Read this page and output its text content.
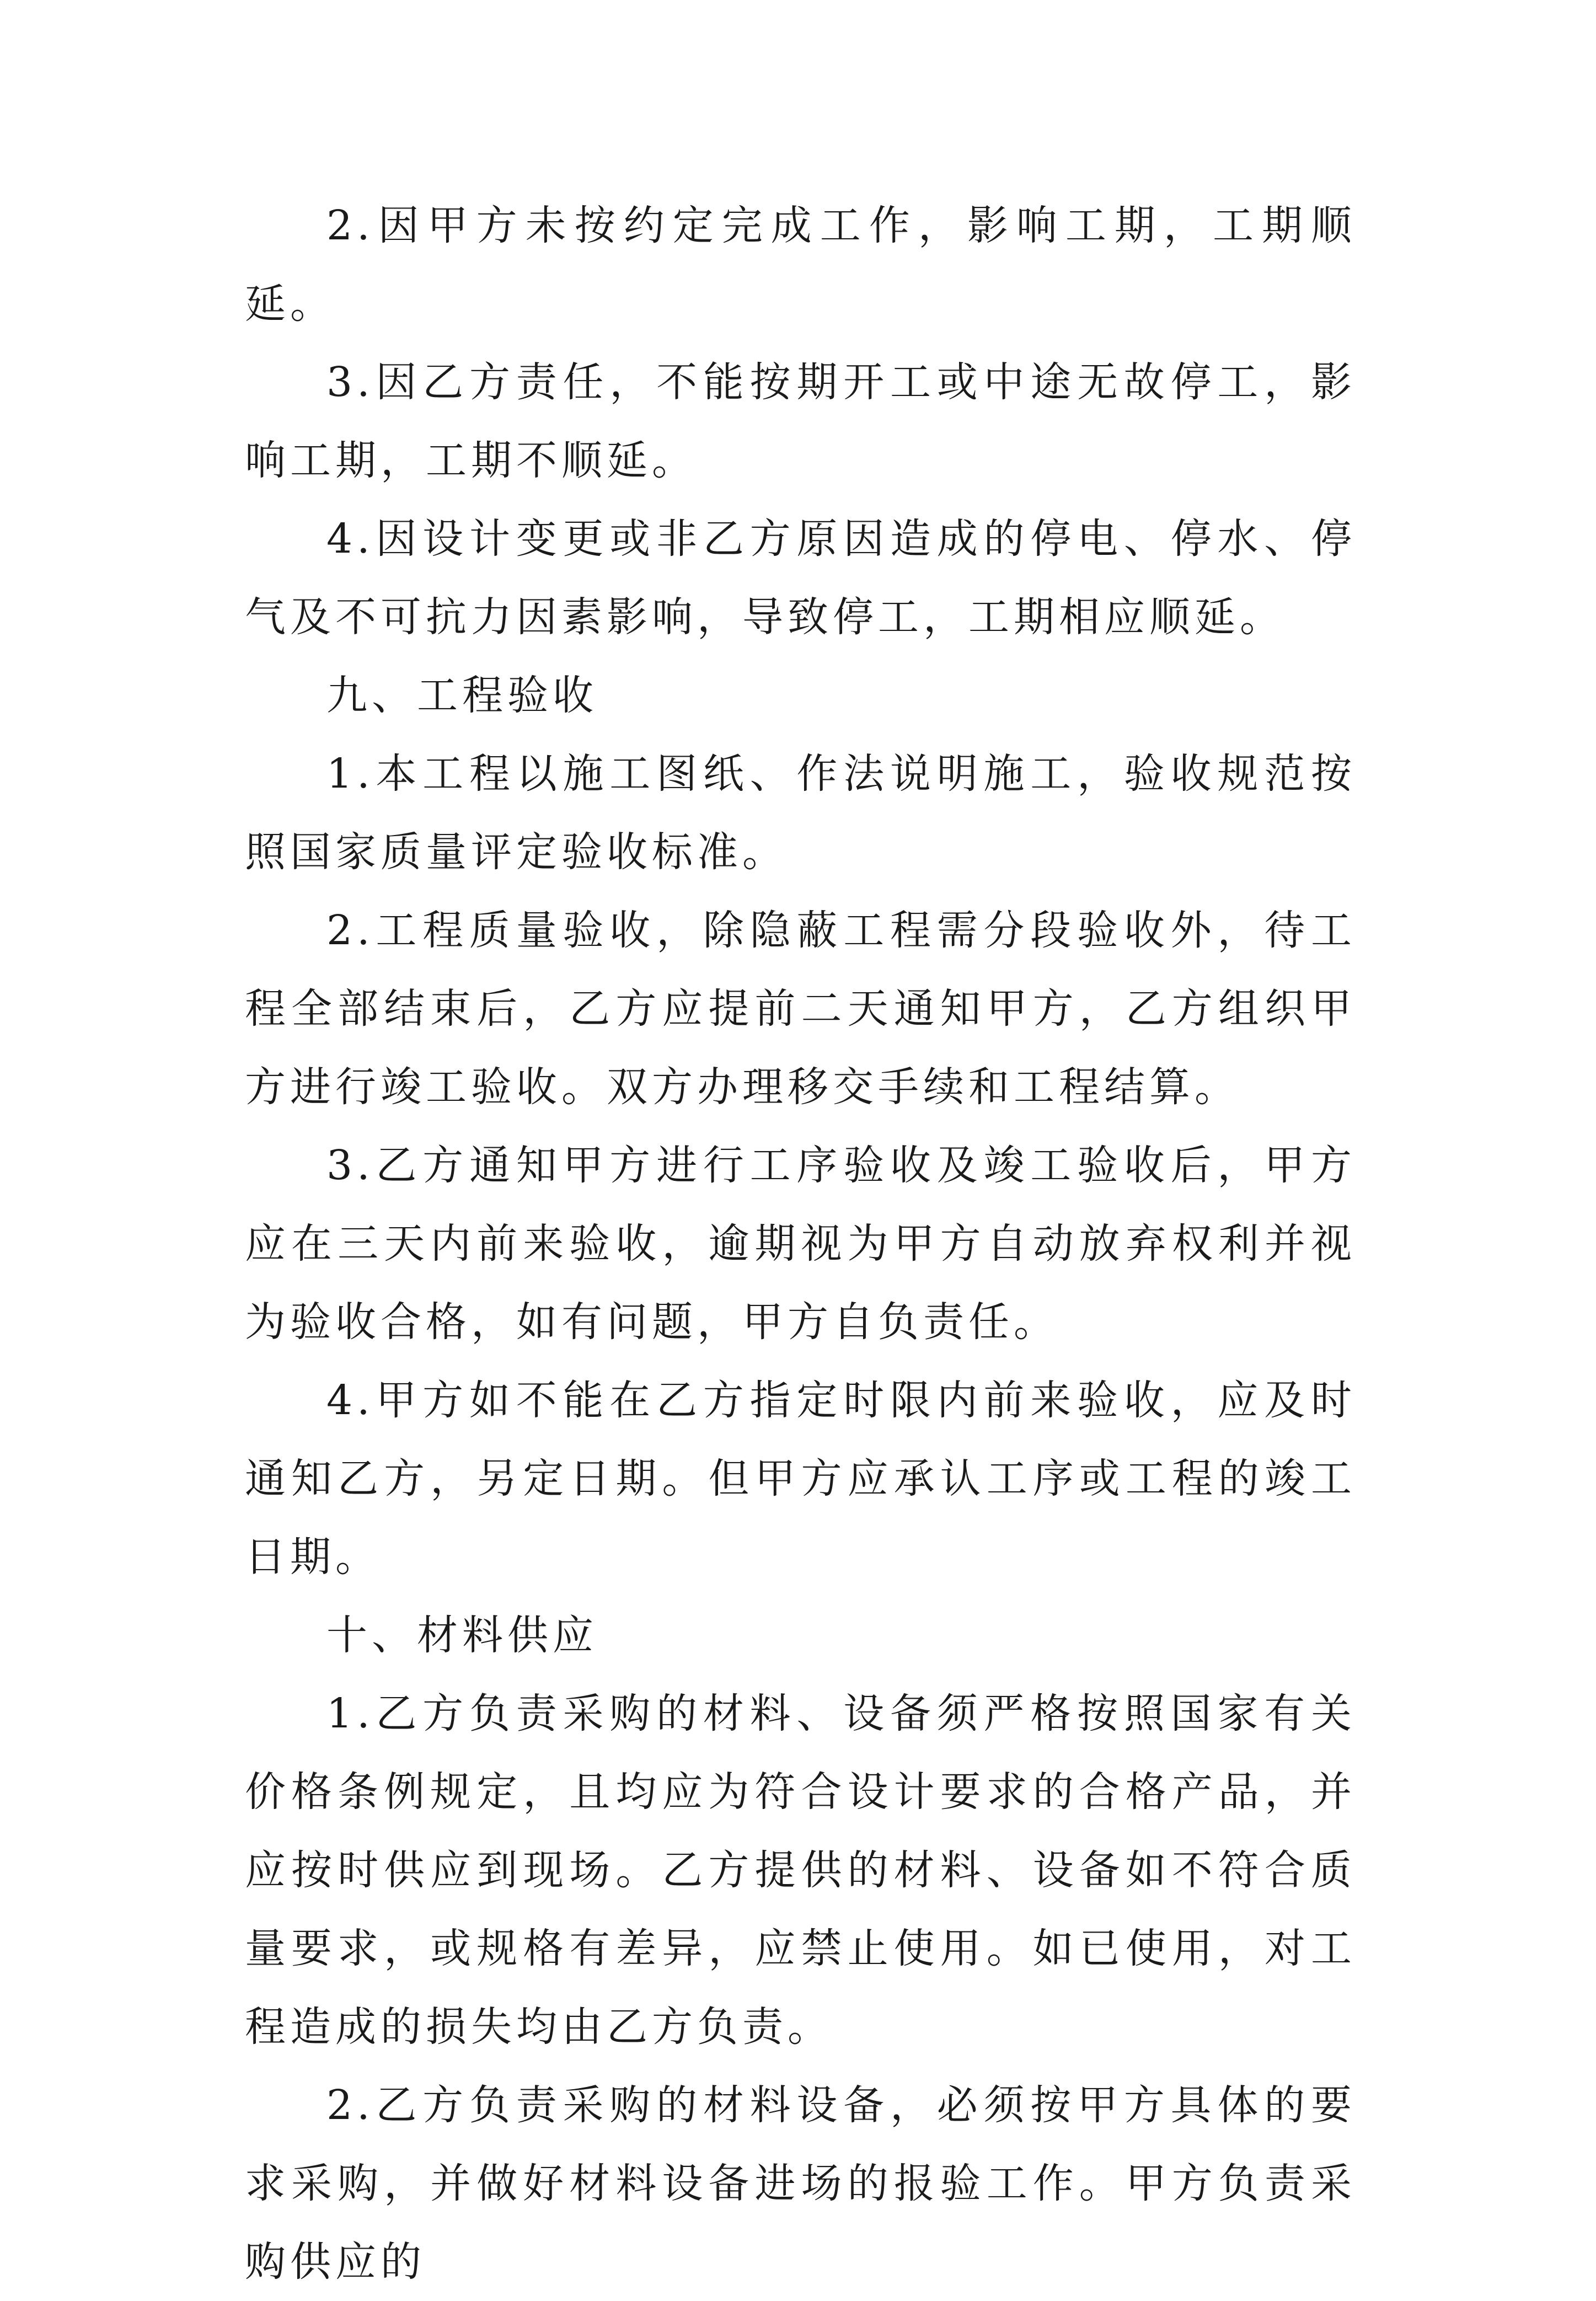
2.因甲方未按约定完成工作，影响工期，工期顺延。

3.因乙方责任，不能按期开工或中途无故停工，影响工期，工期不顺延。

4.因设计变更或非乙方原因造成的停电、停水、停气及不可抗力因素影响，导致停工，工期相应顺延。

九、工程验收

1.本工程以施工图纸、作法说明施工，验收规范按照国家质量评定验收标准。

2.工程质量验收，除隐蔽工程需分段验收外，待工程全部结束后，乙方应提前二天通知甲方，乙方组织甲方进行竣工验收。双方办理移交手续和工程结算。

3.乙方通知甲方进行工序验收及竣工验收后，甲方应在三天内前来验收，逾期视为甲方自动放弃权利并视为验收合格，如有问题，甲方自负责任。

4.甲方如不能在乙方指定时限内前来验收，应及时通知乙方，另定日期。但甲方应承认工序或工程的竣工日期。

十、材料供应

1.乙方负责采购的材料、设备须严格按照国家有关价格条例规定，且均应为符合设计要求的合格产品，并应按时供应到现场。乙方提供的材料、设备如不符合质量要求，或规格有差异，应禁止使用。如已使用，对工程造成的损失均由乙方负责。

2.乙方负责采购的材料设备，必须按甲方具体的要求采购，并做好材料设备进场的报验工作。甲方负责采购供应的
